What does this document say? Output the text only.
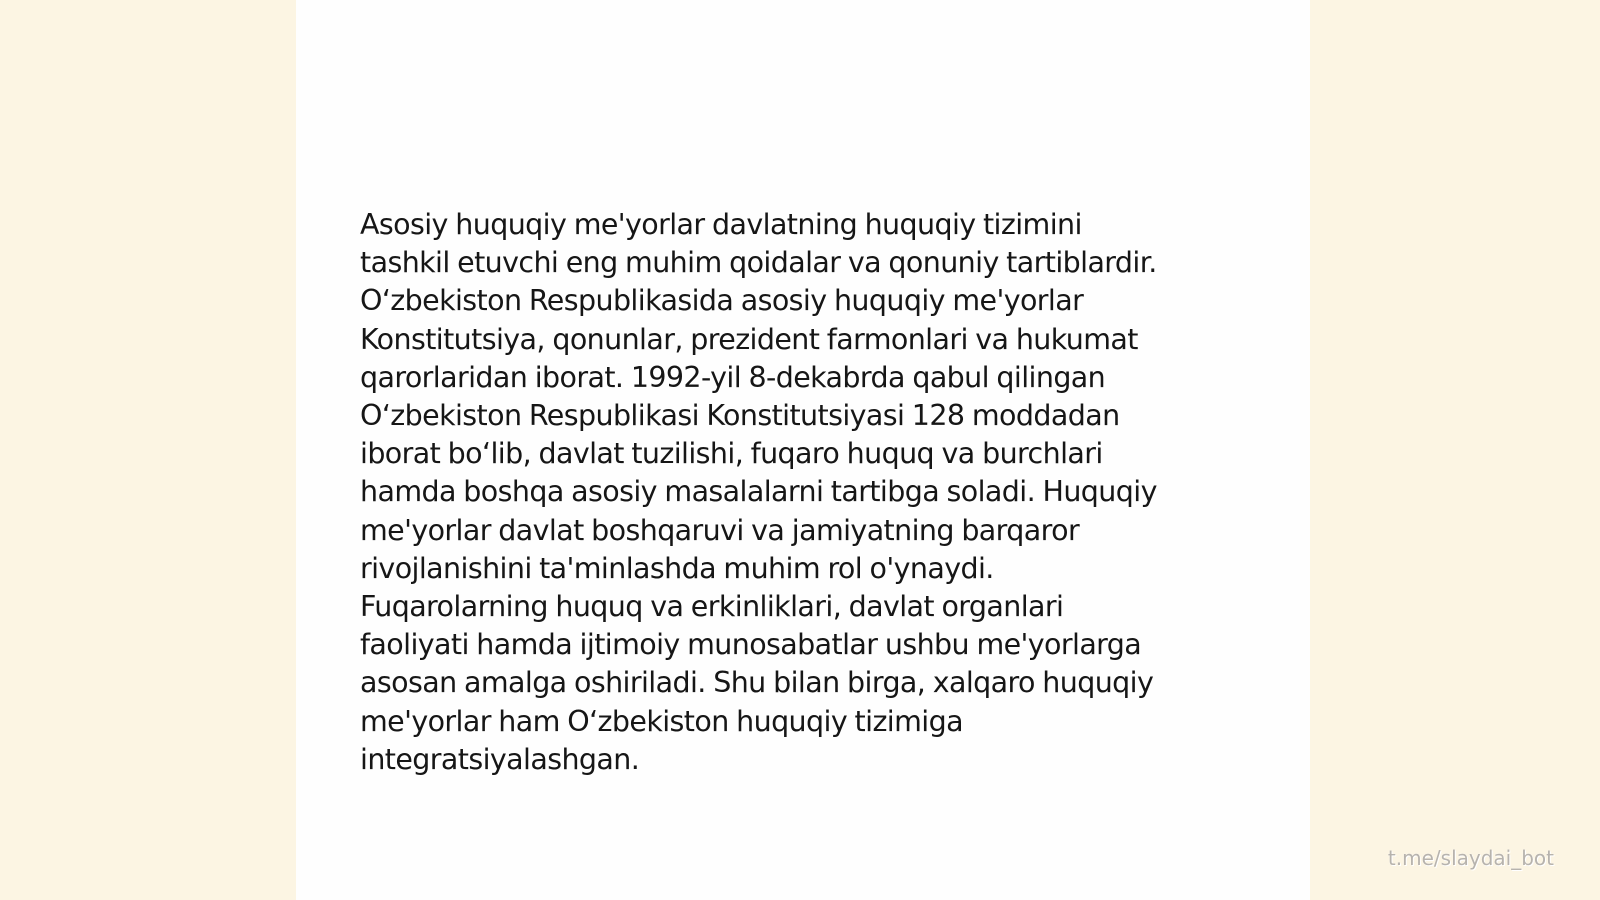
Asosiy huquqiy me'yorlar davlatning huquqiy tizimini
tashkil etuvchi eng muhim qoidalar va qonuniy tartiblardir.
O‘zbekiston Respublikasida asosiy huquqiy me'yorlar
Konstitutsiya, qonunlar, prezident farmonlari va hukumat
qarorlaridan iborat. 1992-yil 8-dekabrda qabul qilingan
O‘zbekiston Respublikasi Konstitutsiyasi 128 moddadan
iborat bo‘lib, davlat tuzilishi, fuqaro huquq va burchlari
hamda boshqa asosiy masalalarni tartibga soladi. Huquqiy
me'yorlar davlat boshqaruvi va jamiyatning barqaror
rivojlanishini ta'minlashda muhim rol o'ynaydi.
Fuqarolarning huquq va erkinliklari, davlat organlari
faoliyati hamda ijtimoiy munosabatlar ushbu me'yorlarga
asosan amalga oshiriladi. Shu bilan birga, xalqaro huquqiy
me'yorlar ham O‘zbekiston huquqiy tizimiga
integratsiyalashgan.

t.me/slaydai_bot
